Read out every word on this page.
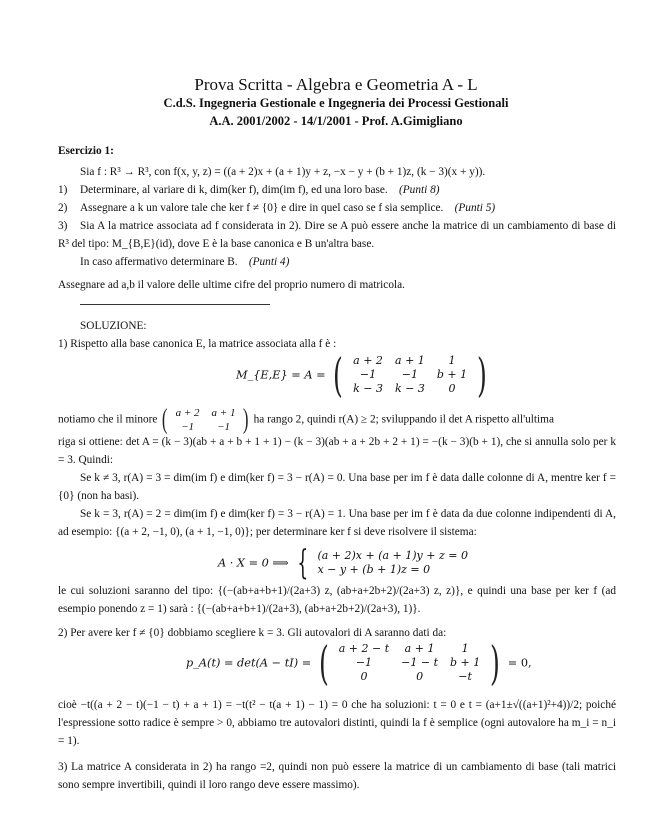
Prova Scritta - Algebra e Geometria A - L
C.d.S. Ingegneria Gestionale e Ingegneria dei Processi Gestionali
A.A. 2001/2002 - 14/1/2001 - Prof. A.Gimigliano
Esercizio 1:
Sia f : R³ → R³, con f(x, y, z) = ((a + 2)x + (a + 1)y + z, −x − y + (b + 1)z, (k − 3)(x + y)).
1) Determinare, al variare di k, dim(ker f), dim(im f), ed una loro base. (Punti 8)
2) Assegnare a k un valore tale che ker f ≠ {0} e dire in quel caso se f sia semplice. (Punti 5)
3) Sia A la matrice associata ad f considerata in 2). Dire se A può essere anche la matrice di un cambiamento di base di R³ del tipo: M_{B,E}(id), dove E è la base canonica e B un'altra base.
In caso affermativo determinare B. (Punti 4)
Assegnare ad a,b il valore delle ultime cifre del proprio numero di matricola.
SOLUZIONE:
1) Rispetto alla base canonica E, la matrice associata alla f è :
M_{E,E} = A = ( a + 2	a + 1	1
−1	−1	b + 1
k − 3	k − 3	0 )
notiamo che il minore ( a + 2	a + 1
−1	−1 ) ha rango 2, quindi r(A) ≥ 2; sviluppando il det A rispetto all'ultima
riga si ottiene: det A = (k − 3)(ab + a + b + 1 + 1) − (k − 3)(ab + a + 2b + 2 + 1) = −(k − 3)(b + 1), che si annulla solo per k = 3. Quindi:
Se k ≠ 3, r(A) = 3 = dim(im f) e dim(ker f) = 3 − r(A) = 0. Una base per im f è data dalle colonne di A, mentre ker f = {0} (non ha basi).
Se k = 3, r(A) = 2 = dim(im f) e dim(ker f) = 3 − r(A) = 1. Una base per im f è data da due colonne indipendenti di A, ad esempio: {(a + 2, −1, 0), (a + 1, −1, 0)}; per determinare ker f si deve risolvere il sistema:
A · X = 0 ⟹ { (a + 2)x + (a + 1)y + z = 0
x − y + (b + 1)z = 0
le cui soluzioni saranno del tipo: {(−(ab+a+b+1)/(2a+3) z, (ab+a+2b+2)/(2a+3) z, z)}, e quindi una base per ker f (ad esempio ponendo z = 1) sarà : {(−(ab+a+b+1)/(2a+3), (ab+a+2b+2)/(2a+3), 1)}.
2) Per avere ker f ≠ {0} dobbiamo scegliere k = 3. Gli autovalori di A saranno dati da:
p_A(t) = det(A − tI) = ( a + 2 − t	a + 1	1
−1	−1 − t	b + 1
0	0	−t ) = 0,
cioè −t((a + 2 − t)(−1 − t) + a + 1) = −t(t² − t(a + 1) − 1) = 0 che ha soluzioni: t = 0 e t = (a+1±√((a+1)²+4))/2; poiché l'espressione sotto radice è sempre > 0, abbiamo tre autovalori distinti, quindi la f è semplice (ogni autovalore ha m_i = n_i = 1).
3) La matrice A considerata in 2) ha rango =2, quindi non può essere la matrice di un cambiamento di base (tali matrici sono sempre invertibili, quindi il loro rango deve essere massimo).
